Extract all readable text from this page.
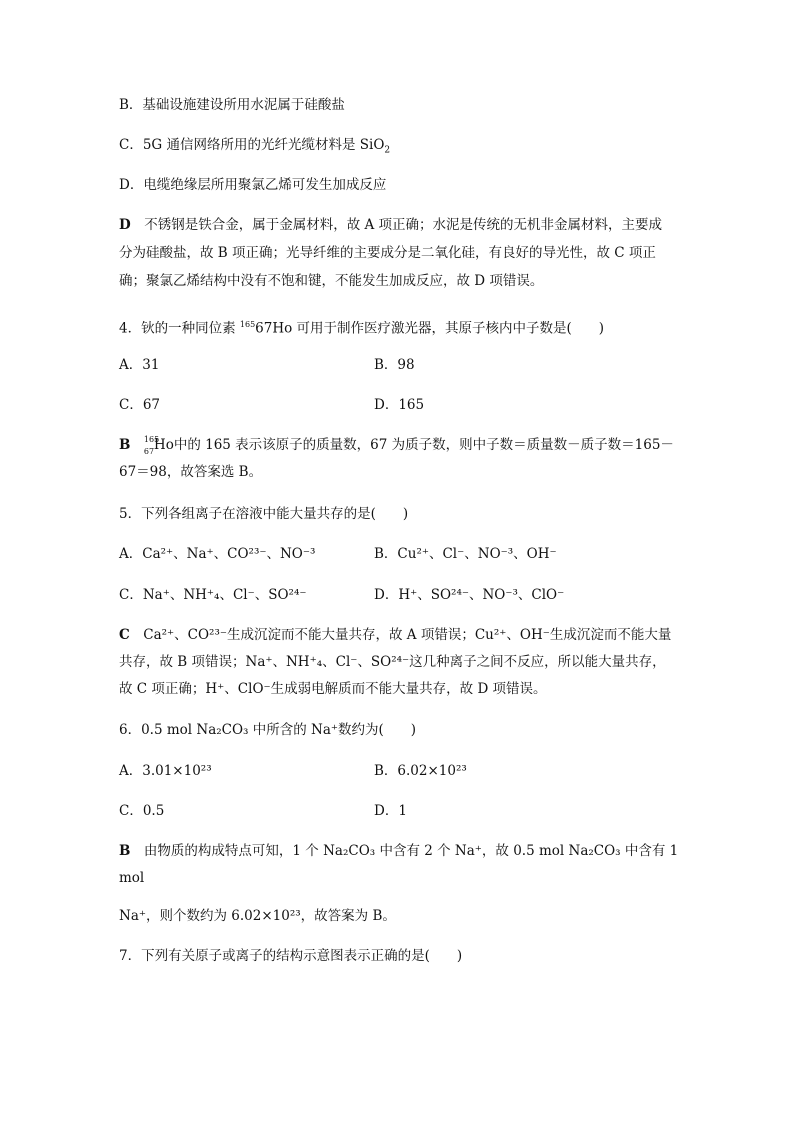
B．基础设施建设所用水泥属于硅酸盐
C．5G 通信网络所用的光纤光缆材料是 SiO$_2$
D．电缆绝缘层所用聚氯乙烯可发生加成反应
D　 不锈钢是铁合金，属于金属材料，故 A 项正确；水泥是传统的无机非金属材料，主要成
分为硅酸盐，故 B 项正确；光导纤维的主要成分是二氧化硅，有良好的导光性，故 C 项正
确；聚氯乙烯结构中没有不饱和键，不能发生加成反应，故 D 项错误。
4．钬的一种同位素 $^{165}$67Ho 可用于制作医疗激光器，其原子核内中子数是(　　)
A．31	B．98
C．67	D．165
B　 165
67 Ho中的 165 表示该原子的质量数，67 为质子数，则中子数＝质量数－质子数＝165－
67＝98，故答案选 B。
5．下列各组离子在溶液中能大量共存的是(　　)
A．Ca²⁺、Na⁺、CO²³⁻、NO⁻³	B．Cu²⁺、Cl⁻、NO⁻³、OH⁻
C．Na⁺、NH⁺₄、Cl⁻、SO²⁴⁻	D．H⁺、SO²⁴⁻、NO⁻³、ClO⁻
C　 Ca²⁺、CO²³⁻生成沉淀而不能大量共存，故 A 项错误；Cu²⁺、OH⁻生成沉淀而不能大量
共存，故 B 项错误；Na⁺、NH⁺₄、Cl⁻、SO²⁴⁻这几种离子之间不反应，所以能大量共存，
故 C 项正确；H⁺、ClO⁻生成弱电解质而不能大量共存，故 D 项错误。
6．0.5 mol Na₂CO₃ 中所含的 Na⁺数约为(　　)
A．3.01×10²³	B．6.02×10²³
C．0.5	D．1
B　 由物质的构成特点可知，1 个 Na₂CO₃ 中含有 2 个 Na⁺，故 0.5 mol Na₂CO₃ 中含有 1
mol
Na⁺，则个数约为 6.02×10²³，故答案为 B。
7．下列有关原子或离子的结构示意图表示正确的是(　　)
